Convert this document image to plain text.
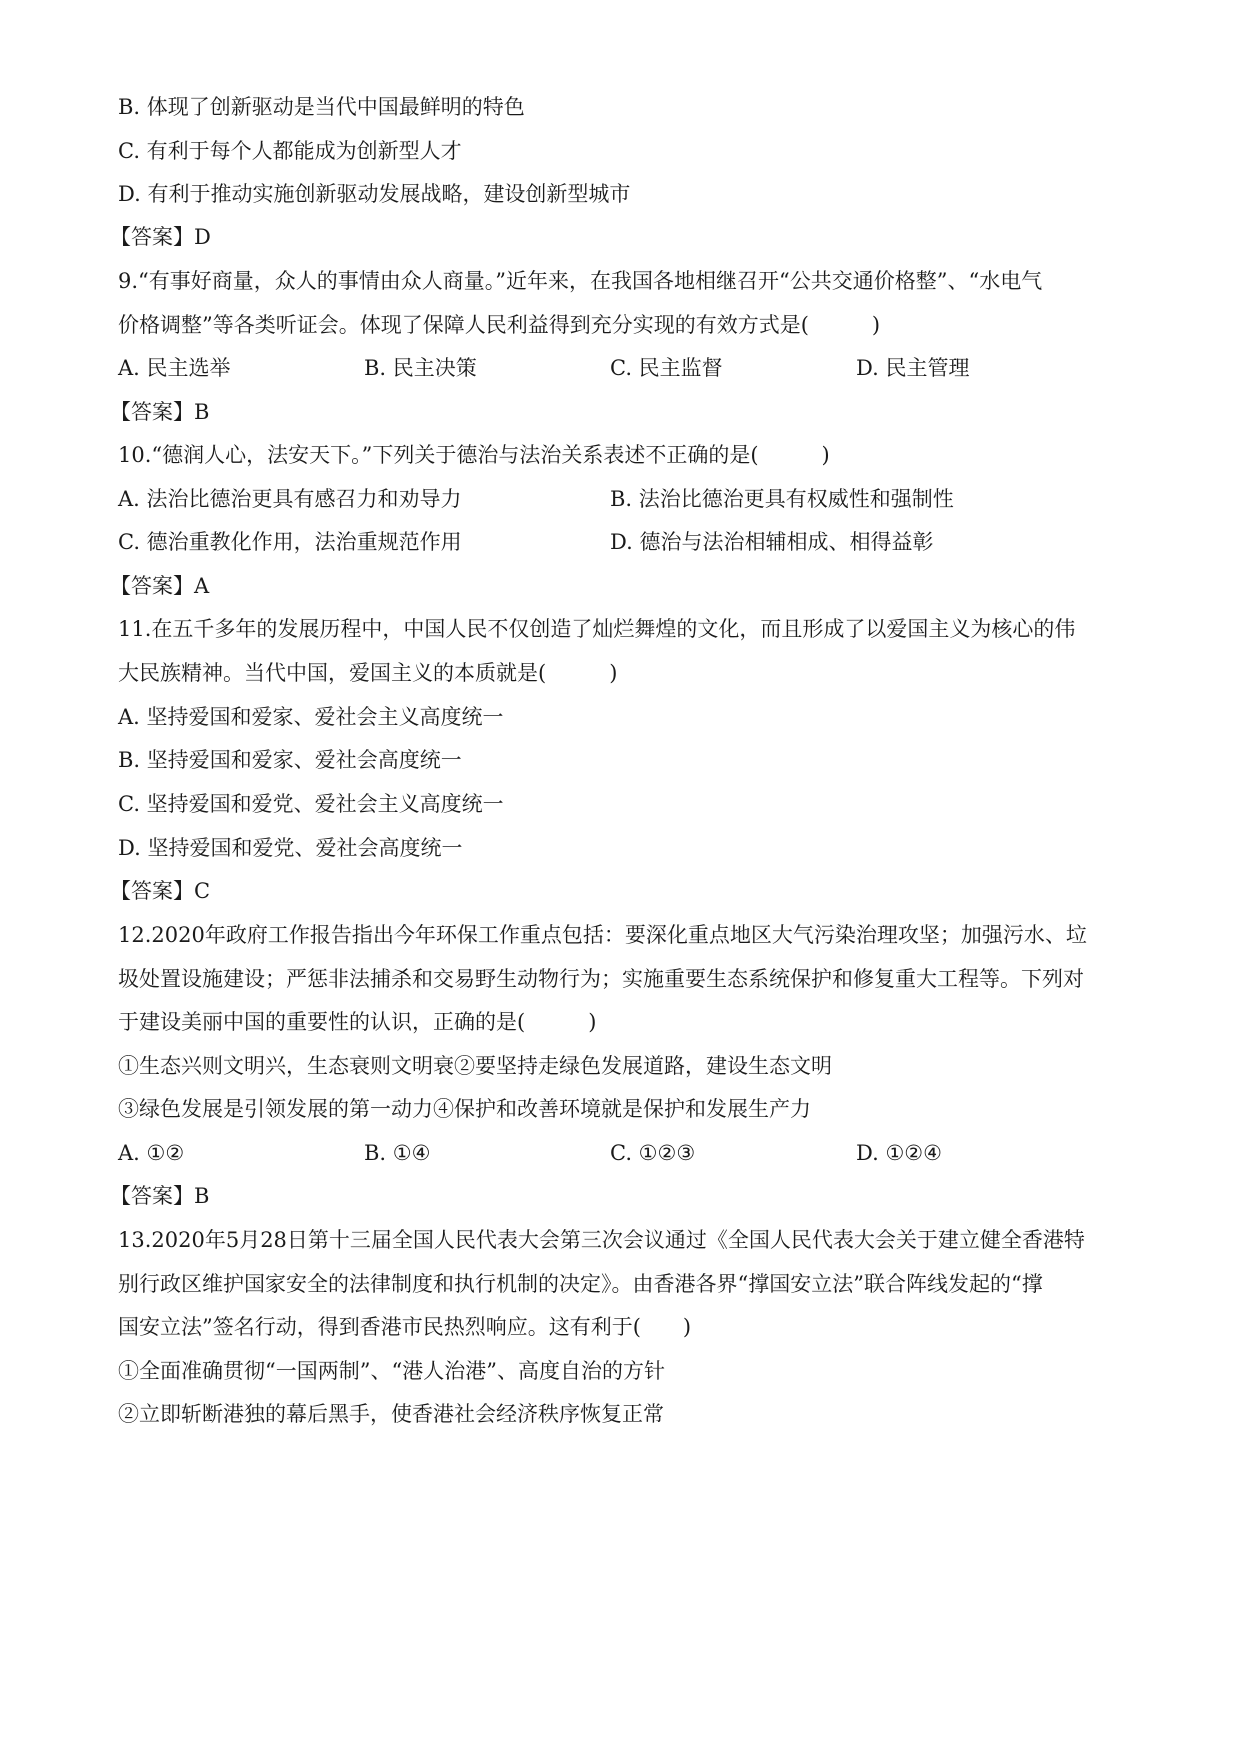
B. 体现了创新驱动是当代中国最鲜明的特色
C. 有利于每个人都能成为创新型人才
D. 有利于推动实施创新驱动发展战略，建设创新型城市
【答案】D
9.“有事好商量，众人的事情由众人商量。”近年来，在我国各地相继召开“公共交通价格整”、“水电气
价格调整”等各类听证会。体现了保障人民利益得到充分实现的有效方式是(　　　)
A. 民主选举	B. 民主决策	C. 民主监督	D. 民主管理
【答案】B
10.“德润人心，法安天下。”下列关于德治与法治关系表述不正确的是(　　　)
A. 法治比德治更具有感召力和劝导力	B. 法治比德治更具有权威性和强制性
C. 德治重教化作用，法治重规范作用	D. 德治与法治相辅相成、相得益彰
【答案】A
11.在五千多年的发展历程中，中国人民不仅创造了灿烂舞煌的文化，而且形成了以爱国主义为核心的伟
大民族精神。当代中国，爱国主义的本质就是(　　　)
A. 坚持爱国和爱家、爱社会主义高度统一
B. 坚持爱国和爱家、爱社会高度统一
C. 坚持爱国和爱党、爱社会主义高度统一
D. 坚持爱国和爱党、爱社会高度统一
【答案】C
12.2020年政府工作报告指出今年环保工作重点包括：要深化重点地区大气污染治理攻坚；加强污水、垃
圾处置设施建设；严惩非法捕杀和交易野生动物行为；实施重要生态系统保护和修复重大工程等。下列对
于建设美丽中国的重要性的认识，正确的是(　　　)
①生态兴则文明兴，生态衰则文明衰②要坚持走绿色发展道路，建设生态文明
③绿色发展是引领发展的第一动力④保护和改善环境就是保护和发展生产力
A. ①②	B. ①④	C. ①②③	D. ①②④
【答案】B
13.2020年5月28日第十三届全国人民代表大会第三次会议通过《全国人民代表大会关于建立健全香港特
别行政区维护国家安全的法律制度和执行机制的决定》。由香港各界“撑国安立法”联合阵线发起的“撑
国安立法”签名行动，得到香港市民热烈响应。这有利于(　　)
①全面准确贯彻“一国两制”、“港人治港”、高度自治的方针
②立即斩断港独的幕后黑手，使香港社会经济秩序恢复正常
